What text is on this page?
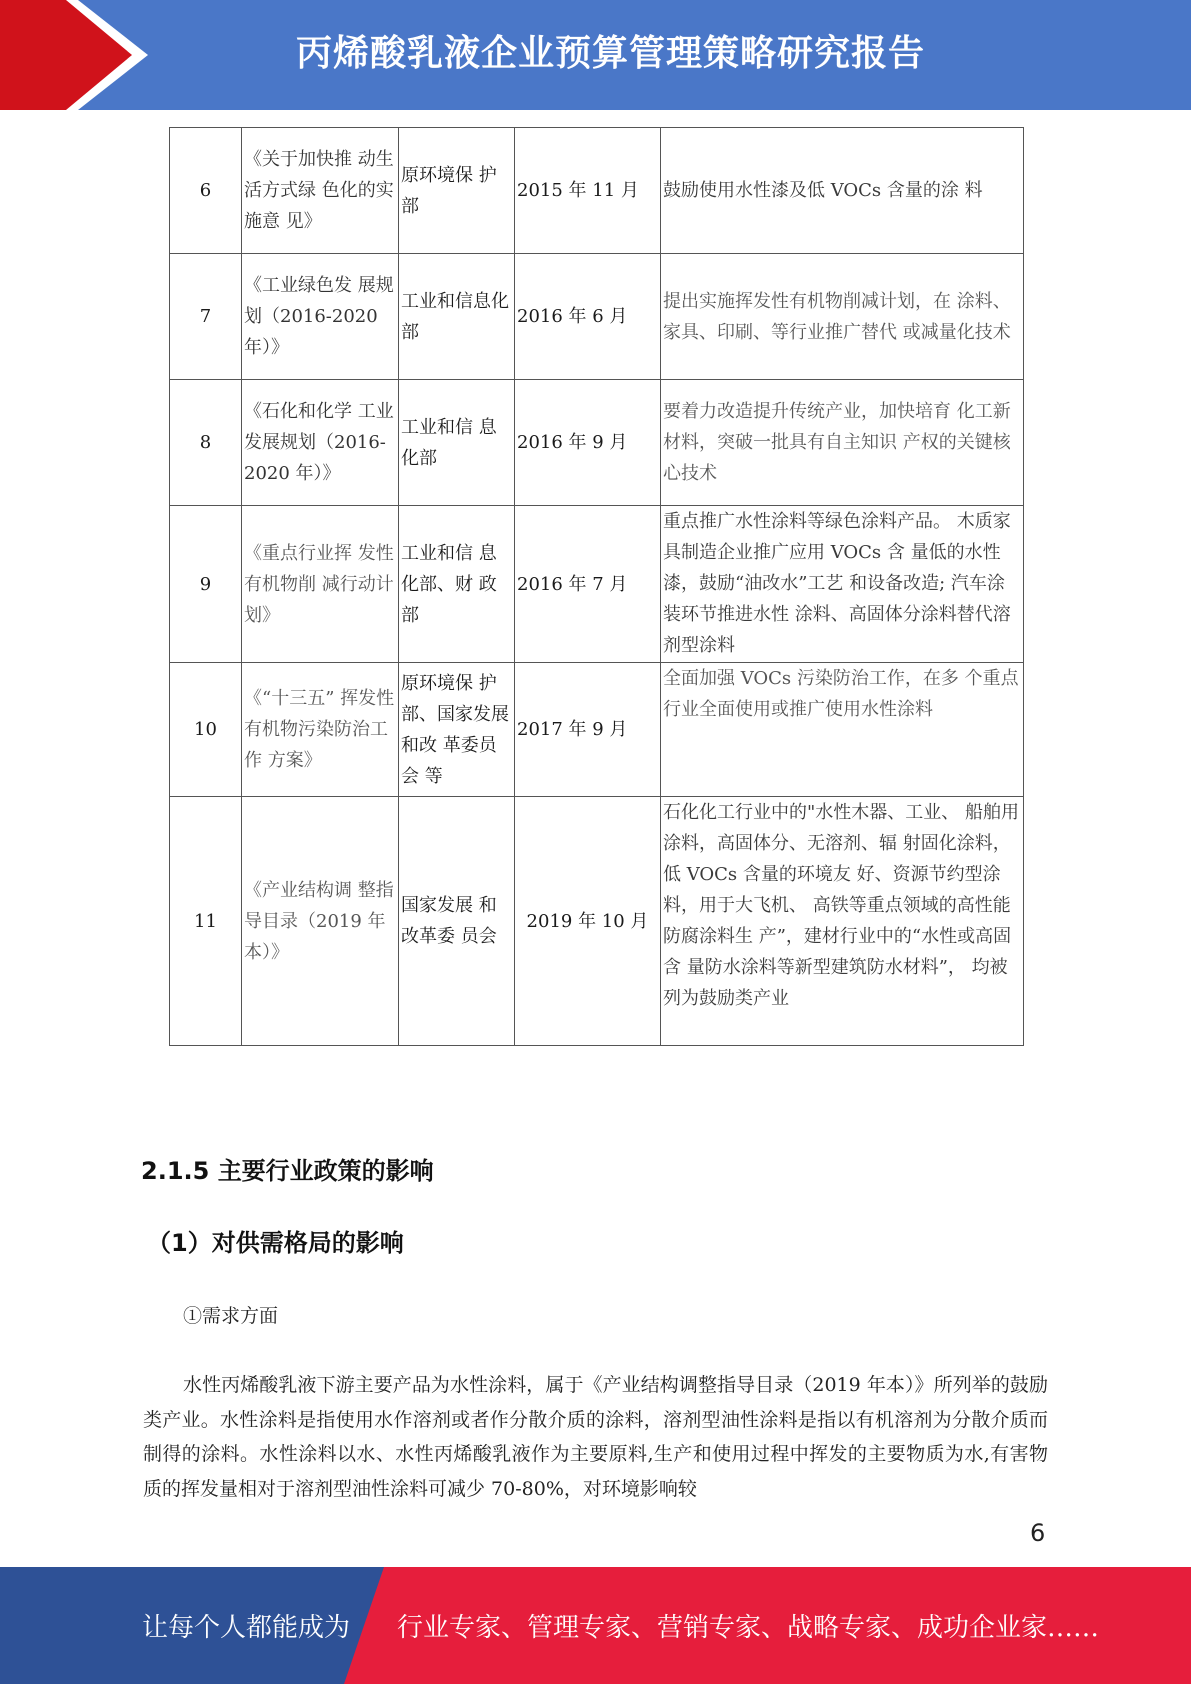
丙烯酸乳液企业预算管理策略研究报告
6	《关于加快推 动生活方式绿 色化的实施意 见》	原环境保 护部	2015 年 11 月	鼓励使用水性漆及低 VOCs 含量的涂 料
7	《工业绿色发 展规 划（2016-2020 年）》	工业和信息化部	2016 年 6 月	提出实施挥发性有机物削减计划，在 涂料、家具、印刷、等行业推广替代 或减量化技术
8	《石化和化学 工业发展规划（2016-2020 年）》	工业和信 息化部	2016 年 9 月	要着力改造提升传统产业，加快培育 化工新材料，突破一批具有自主知识 产权的关键核心技术
9	《重点行业挥 发性有机物削 减行动计划》	工业和信 息化部、财 政部	2016 年 7 月	重点推广水性涂料等绿色涂料产品。 木质家具制造企业推广应用 VOCs 含 量低的水性漆，鼓励“油改水”工艺 和设备改造; 汽车涂装环节推进水性 涂料、高固体分涂料替代溶剂型涂料
10	《“十三五” 挥发性有机物污染防治工作 方案》	原环境保 护部、国家发展和改 革委员会 等	2017 年 9 月	全面加强 VOCs 污染防治工作，在多 个重点行业全面使用或推广使用水性涂料
11	《产业结构调 整指导目录（2019 年本）》	国家发展 和改革委 员会	2019 年 10 月	石化化工行业中的"水性木器、工业、 船舶用涂料，高固体分、无溶剂、辐 射固化涂料，低 VOCs 含量的环境友 好、资源节约型涂料，用于大飞机、 高铁等重点领域的高性能防腐涂料生 产”，建材行业中的“水性或高固含 量防水涂料等新型建筑防水材料”， 均被列为鼓励类产业
2.1.5 主要行业政策的影响
（1）对供需格局的影响
①需求方面

水性丙烯酸乳液下游主要产品为水性涂料，属于《产业结构调整指导目录（2019 年本）》所列举的鼓励类产业。水性涂料是指使用水作溶剂或者作分散介质的涂料，溶剂型油性涂料是指以有机溶剂为分散介质而制得的涂料。水性涂料以水、水性丙烯酸乳液作为主要原料,生产和使用过程中挥发的主要物质为水,有害物质的挥发量相对于溶剂型油性涂料可减少 70-80%，对环境影响较

6
让每个人都能成为 行业专家、管理专家、营销专家、战略专家、成功企业家……
